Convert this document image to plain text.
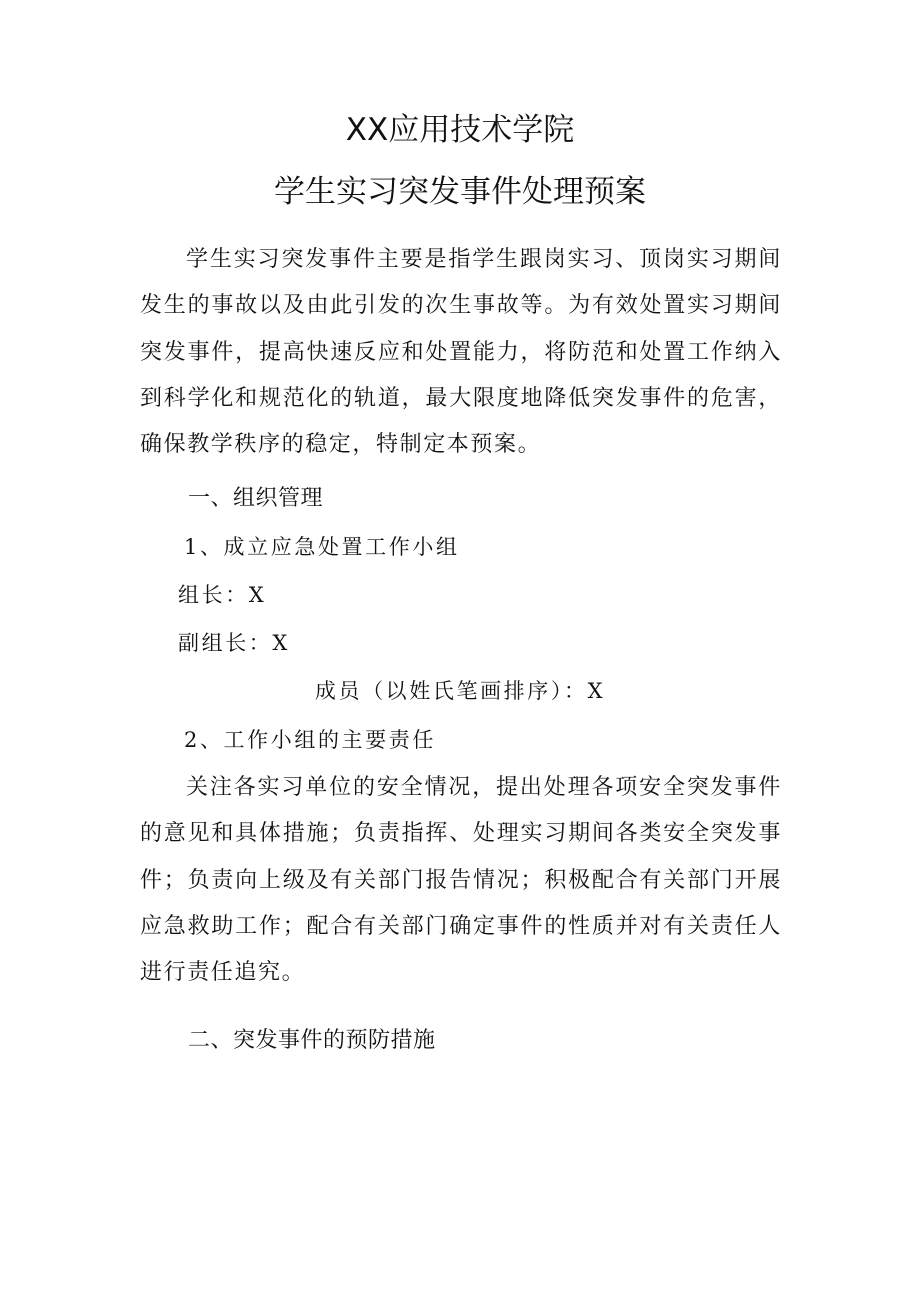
XX应用技术学院
学生实习突发事件处理预案

学生实习突发事件主要是指学生跟岗实习、顶岗实习期间发生的事故以及由此引发的次生事故等。为有效处置实习期间突发事件，提高快速反应和处置能力，将防范和处置工作纳入到科学化和规范化的轨道，最大限度地降低突发事件的危害，确保教学秩序的稳定，特制定本预案。

一、组织管理

1、成立应急处置工作小组

组长：X

副组长：X

成员（以姓氏笔画排序）：X

2、工作小组的主要责任

关注各实习单位的安全情况，提出处理各项安全突发事件的意见和具体措施；负责指挥、处理实习期间各类安全突发事件；负责向上级及有关部门报告情况；积极配合有关部门开展应急救助工作；配合有关部门确定事件的性质并对有关责任人进行责任追究。

二、突发事件的预防措施
